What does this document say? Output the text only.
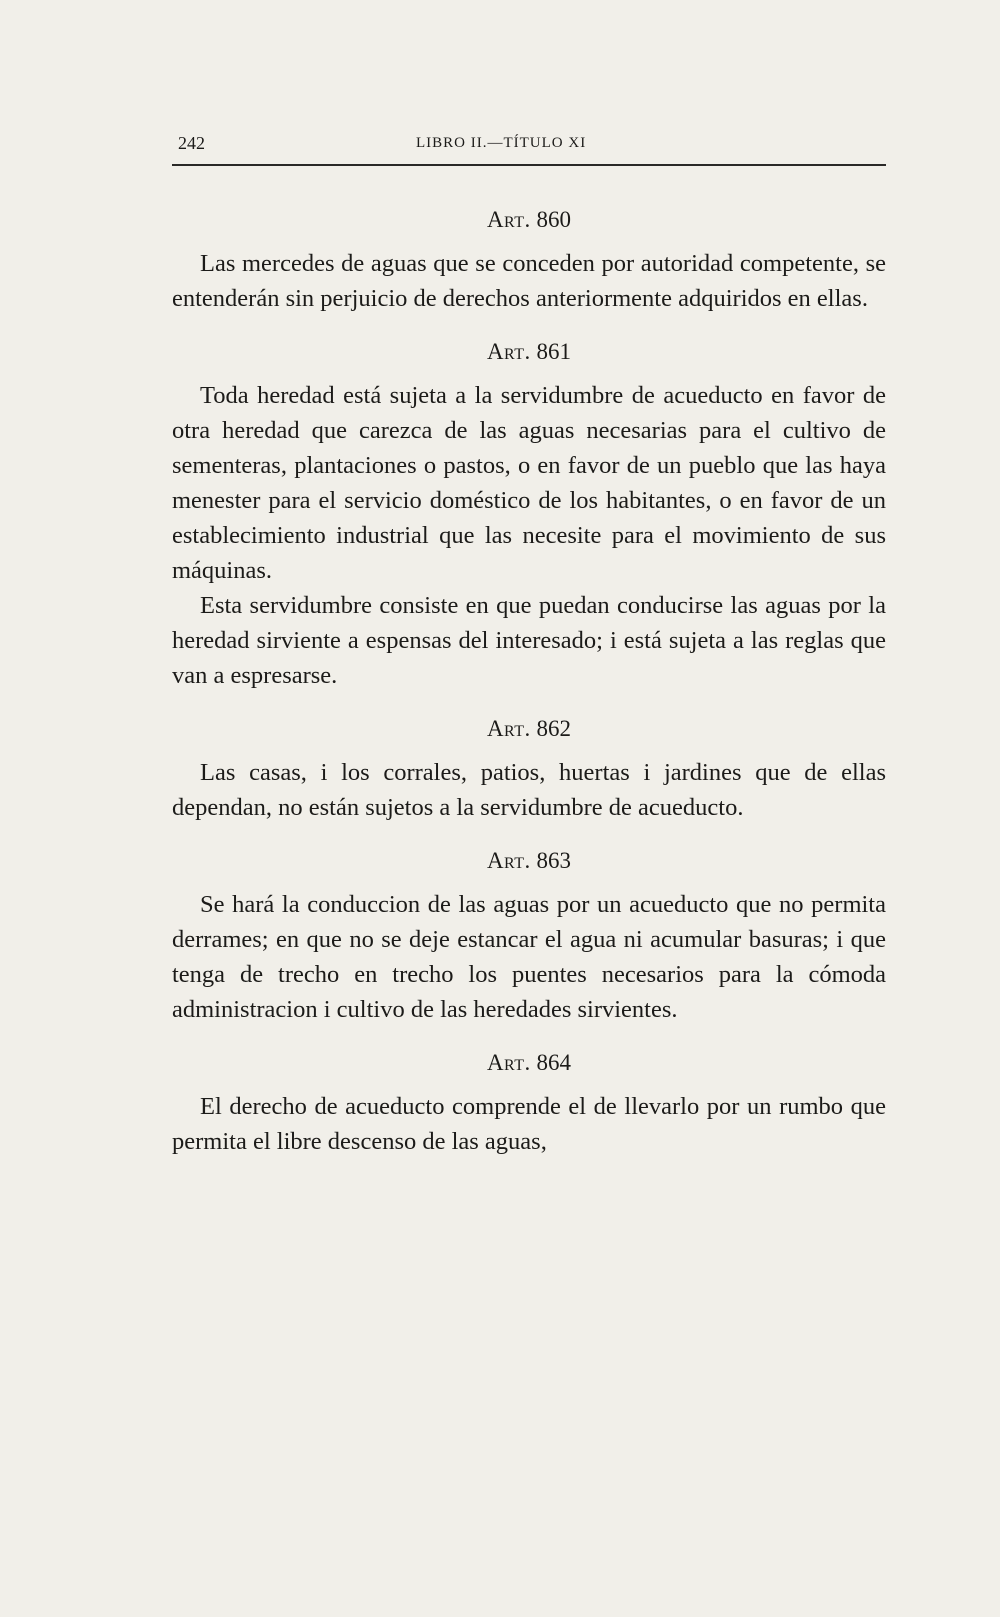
242	LIBRO II.—TÍTULO XI
Art. 860

Las mercedes de aguas que se conceden por autoridad competente, se entenderán sin perjuicio de derechos anteriormente adquiridos en ellas.

Art. 861

Toda heredad está sujeta a la servidumbre de acueducto en favor de otra heredad que carezca de las aguas necesarias para el cultivo de sementeras, plantaciones o pastos, o en favor de un pueblo que las haya menester para el servicio doméstico de los habitantes, o en favor de un establecimiento industrial que las necesite para el movimiento de sus máquinas.

Esta servidumbre consiste en que puedan conducirse las aguas por la heredad sirviente a espensas del interesado; i está sujeta a las reglas que van a espresarse.

Art. 862

Las casas, i los corrales, patios, huertas i jardines que de ellas dependan, no están sujetos a la servidumbre de acueducto.

Art. 863

Se hará la conduccion de las aguas por un acueducto que no permita derrames; en que no se deje estancar el agua ni acumular basuras; i que tenga de trecho en trecho los puentes necesarios para la cómoda administracion i cultivo de las heredades sirvientes.

Art. 864

El derecho de acueducto comprende el de llevarlo por un rumbo que permita el libre descenso de las aguas,
